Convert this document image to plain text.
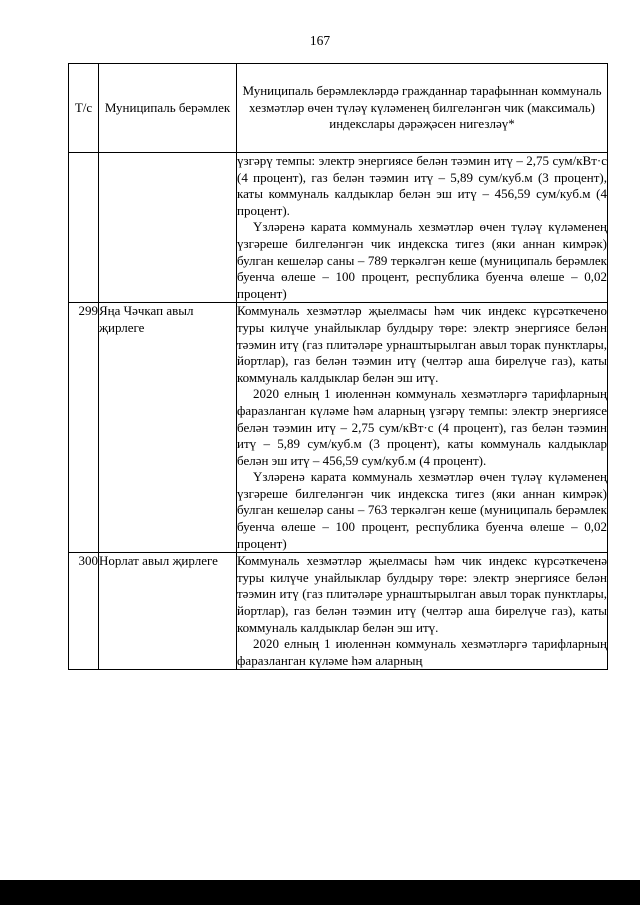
167
Т/с	Муниципаль берәмлек	Муниципаль берәмлекләрдә гражданнар тарафыннан коммуналь хезмәтләр өчен түләү күләменең билгеләнгән чик (максималь) индекслары дәрәҗәсен нигезләү*

		үзгәрү темпы: электр энергиясе белән тәэмин итү – 2,75 сум/кВт·с (4 процент), газ белән тәэмин итү – 5,89 сум/куб.м (3 процент), каты коммуналь калдыклар белән эш итү – 456,59 сум/куб.м (4 процент).

Үзләренә карата коммуналь хезмәтләр өчен түләү күләменең үзгәреше билгеләнгән чик индекска тигез (яки аннан кимрәк) булган кешеләр саны – 789 теркәлгән кеше (муниципаль берәмлек буенча өлеше – 100 процент, республика буенча өлеше – 0,02 процент)

299	Яңа Чәчкап авыл җирлеге	Коммуналь хезмәтләр җыелмасы һәм чик индекс күрсәткечено туры килүче унайлыклар булдыру төре: электр энергиясе белән тәэмин итү (газ плитәләре урнаштырылган авыл торак пунктлары, йортлар), газ белән тәэмин итү (челтәр аша бирелүче газ), каты коммуналь калдыклар белән эш итү.

2020 елның 1 июленнән коммуналь хезмәтләргә тарифларның фаразланган күләме һәм аларның үзгәрү темпы: электр энергиясе белән тәэмин итү – 2,75 сум/кВт·с (4 процент), газ белән тәэмин итү – 5,89 сум/куб.м (3 процент), каты коммуналь калдыклар белән эш итү – 456,59 сум/куб.м (4 процент).

Үзләренә карата коммуналь хезмәтләр өчен түләү күләменең үзгәреше билгеләнгән чик индекска тигез (яки аннан кимрәк) булган кешеләр саны – 763 теркәлгән кеше (муниципаль берәмлек буенча өлеше – 100 процент, республика буенча өлеше – 0,02 процент)

300	Норлат авыл җирлеге	Коммуналь хезмәтләр җыелмасы һәм чик индекс күрсәткеченә туры килүче унайлыклар булдыру төре: электр энергиясе белән тәэмин итү (газ плитәләре урнаштырылган авыл торак пунктлары, йортлар), газ белән тәэмин итү (челтәр аша бирелүче газ), каты коммуналь калдыклар белән эш итү.

2020 елның 1 июленнән коммуналь хезмәтләргә тарифларның фаразланган күләме һәм аларның
